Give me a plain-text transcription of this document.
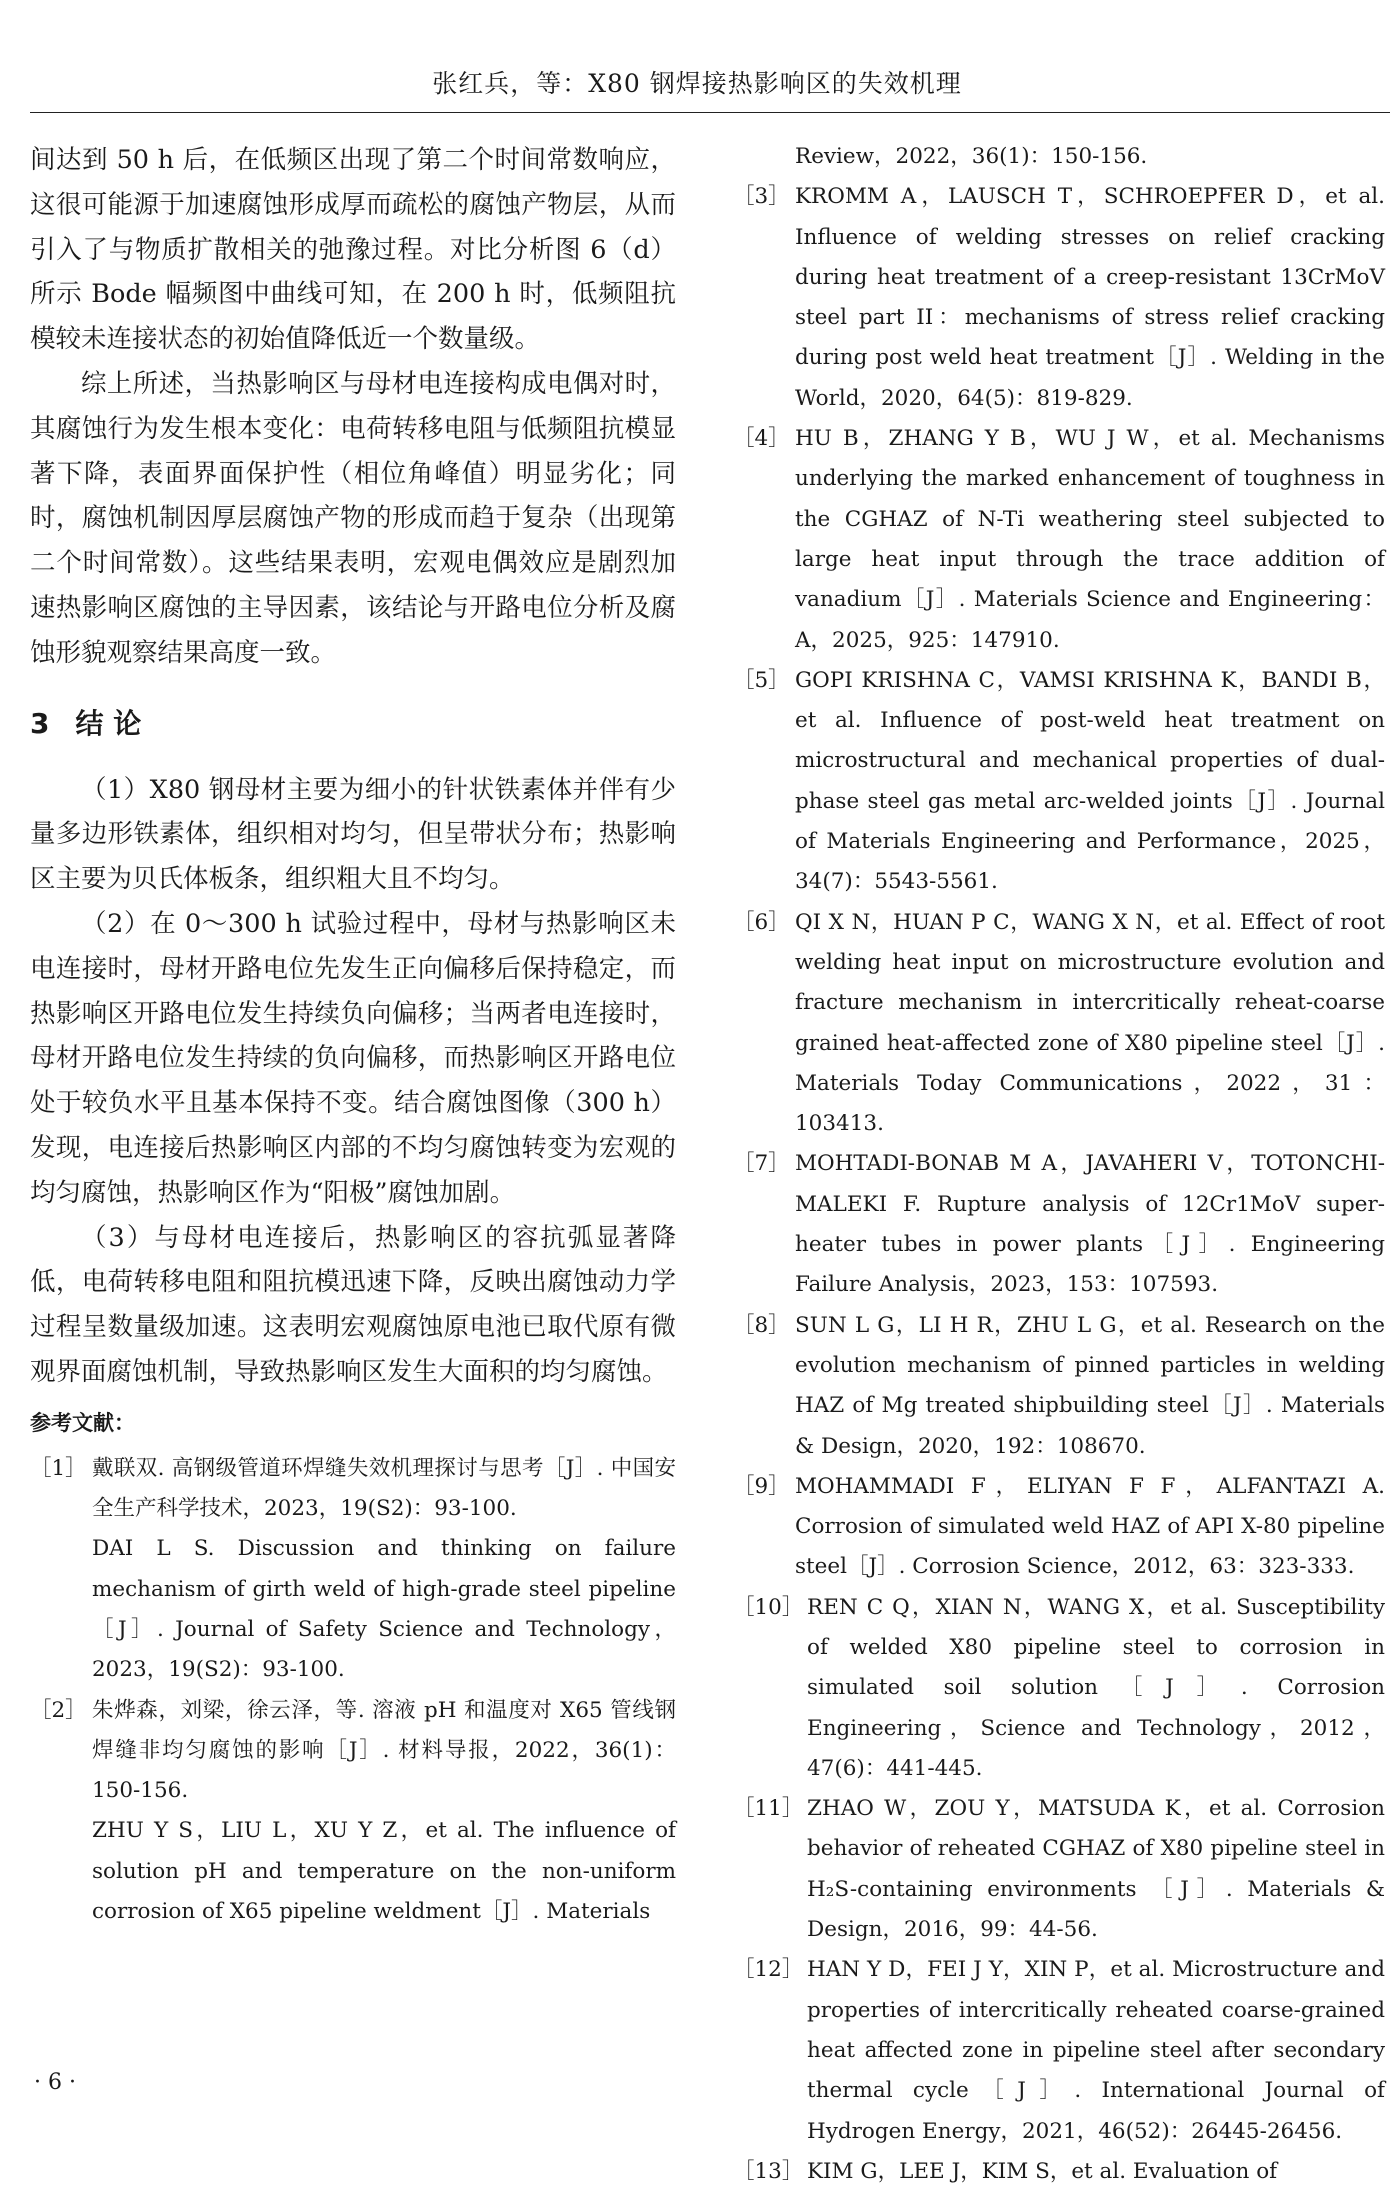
张红兵，等：X80 钢焊接热影响区的失效机理

间达到 50 h 后，在低频区出现了第二个时间常数响应，这很可能源于加速腐蚀形成厚而疏松的腐蚀产物层，从而引入了与物质扩散相关的弛豫过程。对比分析图 6（d）所示 Bode 幅频图中曲线可知，在 200 h 时，低频阻抗模较未连接状态的初始值降低近一个数量级。

综上所述，当热影响区与母材电连接构成电偶对时，其腐蚀行为发生根本变化：电荷转移电阻与低频阻抗模显著下降，表面界面保护性（相位角峰值）明显劣化；同时，腐蚀机制因厚层腐蚀产物的形成而趋于复杂（出现第二个时间常数）。这些结果表明，宏观电偶效应是剧烈加速热影响区腐蚀的主导因素，该结论与开路电位分析及腐蚀形貌观察结果高度一致。

3 结 论

（1）X80 钢母材主要为细小的针状铁素体并伴有少量多边形铁素体，组织相对均匀，但呈带状分布；热影响区主要为贝氏体板条，组织粗大且不均匀。

（2）在 0～300 h 试验过程中，母材与热影响区未电连接时，母材开路电位先发生正向偏移后保持稳定，而热影响区开路电位发生持续负向偏移；当两者电连接时，母材开路电位发生持续的负向偏移，而热影响区开路电位处于较负水平且基本保持不变。结合腐蚀图像（300 h）发现，电连接后热影响区内部的不均匀腐蚀转变为宏观的均匀腐蚀，热影响区作为“阳极”腐蚀加剧。

（3）与母材电连接后，热影响区的容抗弧显著降低，电荷转移电阻和阻抗模迅速下降，反映出腐蚀动力学过程呈数量级加速。这表明宏观腐蚀原电池已取代原有微观界面腐蚀机制，导致热影响区发生大面积的均匀腐蚀。

参考文献：
［1］ 戴联双. 高钢级管道环焊缝失效机理探讨与思考［J］. 中国安全生产科学技术，2023，19(S2)：93-100.
DAI L S. Discussion and thinking on failure mechanism of girth weld of high-grade steel pipeline［J］. Journal of Safety Science and Technology，2023，19(S2)：93-100.
［2］ 朱烨森，刘梁，徐云泽，等. 溶液 pH 和温度对 X65 管线钢焊缝非均匀腐蚀的影响［J］. 材料导报，2022，36(1)：150-156.
ZHU Y S，LIU L，XU Y Z，et al. The influence of solution pH and temperature on the non-uniform corrosion of X65 pipeline weldment［J］. Materials
Review，2022，36(1)：150-156.
［3］ KROMM A，LAUSCH T，SCHROEPFER D，et al. Influence of welding stresses on relief cracking during heat treatment of a creep-resistant 13CrMoV steel part II：mechanisms of stress relief cracking during post weld heat treatment［J］. Welding in the World，2020，64(5)：819-829.
［4］ HU B，ZHANG Y B，WU J W，et al. Mechanisms underlying the marked enhancement of toughness in the CGHAZ of N-Ti weathering steel subjected to large heat input through the trace addition of vanadium［J］. Materials Science and Engineering：A，2025，925：147910.
［5］ GOPI KRISHNA C，VAMSI KRISHNA K，BANDI B，et al. Influence of post-weld heat treatment on microstructural and mechanical properties of dual-phase steel gas metal arc-welded joints［J］. Journal of Materials Engineering and Performance，2025，34(7)：5543-5561.
［6］ QI X N，HUAN P C，WANG X N，et al. Effect of root welding heat input on microstructure evolution and fracture mechanism in intercritically reheat-coarse grained heat-affected zone of X80 pipeline steel［J］. Materials Today Communications，2022，31：103413.
［7］ MOHTADI-BONAB M A，JAVAHERI V，TOTONCHI-MALEKI F. Rupture analysis of 12Cr1MoV super-heater tubes in power plants［J］. Engineering Failure Analysis，2023，153：107593.
［8］ SUN L G，LI H R，ZHU L G，et al. Research on the evolution mechanism of pinned particles in welding HAZ of Mg treated shipbuilding steel［J］. Materials & Design，2020，192：108670.
［9］ MOHAMMADI F，ELIYAN F F，ALFANTAZI A. Corrosion of simulated weld HAZ of API X-80 pipeline steel［J］. Corrosion Science，2012，63：323-333.
［10］ REN C Q，XIAN N，WANG X，et al. Susceptibility of welded X80 pipeline steel to corrosion in simulated soil solution［J］. Corrosion Engineering，Science and Technology，2012，47(6)：441-445.
［11］ ZHAO W，ZOU Y，MATSUDA K，et al. Corrosion behavior of reheated CGHAZ of X80 pipeline steel in H₂S-containing environments ［J］. Materials & Design，2016，99：44-56.
［12］ HAN Y D，FEI J Y，XIN P，et al. Microstructure and properties of intercritically reheated coarse-grained heat affected zone in pipeline steel after secondary thermal cycle［J］. International Journal of Hydrogen Energy，2021，46(52)：26445-26456.
［13］ KIM G，LEE J，KIM S，et al. Evaluation of
· 6 ·
